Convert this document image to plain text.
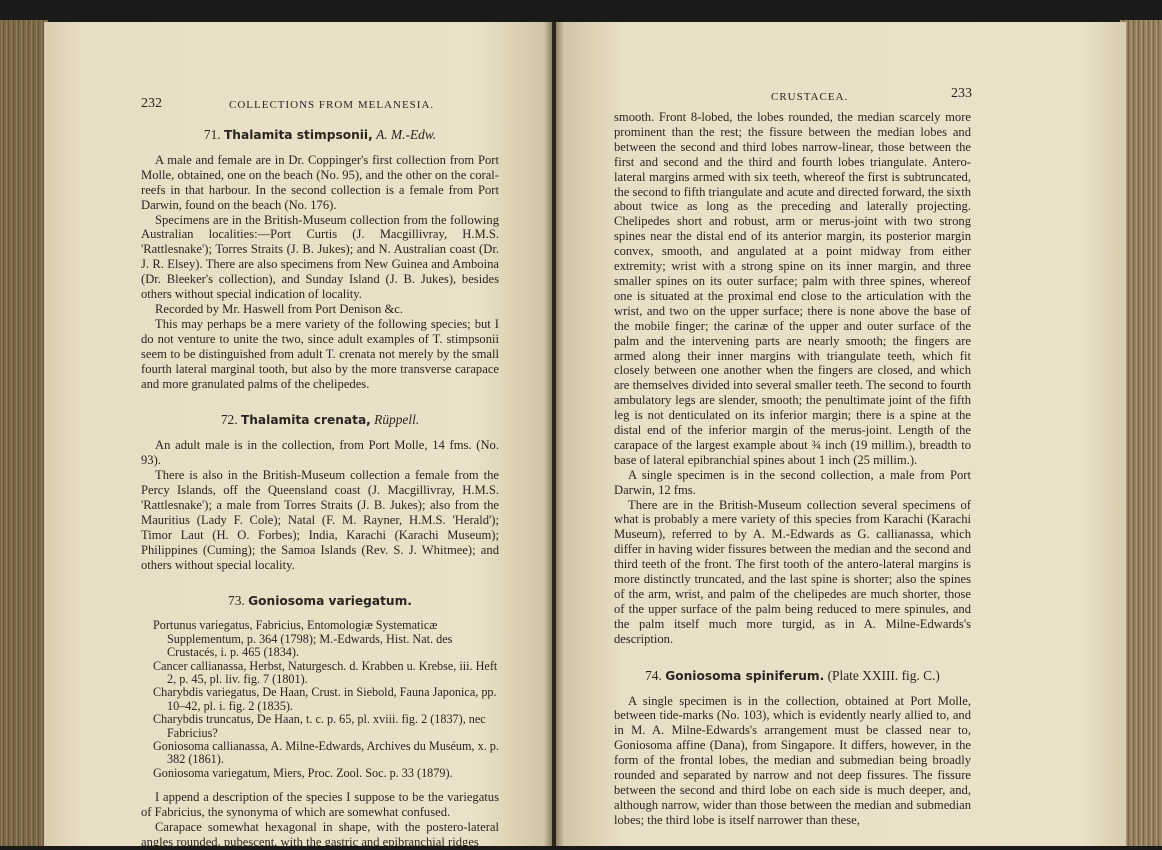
232	COLLECTIONS FROM MELANESIA.

71. Thalamita stimpsonii, A. M.-Edw.

A male and female are in Dr. Coppinger's first collection from Port Molle, obtained, one on the beach (No. 95), and the other on the coral-reefs in that harbour. In the second collection is a female from Port Darwin, found on the beach (No. 176).

Specimens are in the British-Museum collection from the following Australian localities:—Port Curtis (J. Macgillivray, H.M.S. 'Rattlesnake'); Torres Straits (J. B. Jukes); and N. Australian coast (Dr. J. R. Elsey). There are also specimens from New Guinea and Amboina (Dr. Bleeker's collection), and Sunday Island (J. B. Jukes), besides others without special indication of locality.

Recorded by Mr. Haswell from Port Denison &c.

This may perhaps be a mere variety of the following species; but I do not venture to unite the two, since adult examples of T. stimpsonii seem to be distinguished from adult T. crenata not merely by the small fourth lateral marginal tooth, but also by the more transverse carapace and more granulated palms of the chelipedes.

72. Thalamita crenata, Rüppell.

An adult male is in the collection, from Port Molle, 14 fms. (No. 93).

There is also in the British-Museum collection a female from the Percy Islands, off the Queensland coast (J. Macgillivray, H.M.S. 'Rattlesnake'); a male from Torres Straits (J. B. Jukes); also from the Mauritius (Lady F. Cole); Natal (F. M. Rayner, H.M.S. 'Herald'); Timor Laut (H. O. Forbes); India, Karachi (Karachi Museum); Philippines (Cuming); the Samoa Islands (Rev. S. J. Whitmee); and others without special locality.

73. Goniosoma variegatum.

Portunus variegatus, Fabricius, Entomologiæ Systematicæ Supplementum, p. 364 (1798); M.-Edwards, Hist. Nat. des Crustacés, i. p. 465 (1834).

Cancer callianassa, Herbst, Naturgesch. d. Krabben u. Krebse, iii. Heft 2, p. 45, pl. liv. fig. 7 (1801).

Charybdis variegatus, De Haan, Crust. in Siebold, Fauna Japonica, pp. 10–42, pl. i. fig. 2 (1835).

Charybdis truncatus, De Haan, t. c. p. 65, pl. xviii. fig. 2 (1837), nec Fabricius?

Goniosoma callianassa, A. Milne-Edwards, Archives du Muséum, x. p. 382 (1861).

Goniosoma variegatum, Miers, Proc. Zool. Soc. p. 33 (1879).

I append a description of the species I suppose to be the variegatus of Fabricius, the synonyma of which are somewhat confused.

Carapace somewhat hexagonal in shape, with the postero-lateral angles rounded, pubescent, with the gastric and epibranchial ridges

CRUSTACEA.	233

smooth. Front 8-lobed, the lobes rounded, the median scarcely more prominent than the rest; the fissure between the median lobes and between the second and third lobes narrow-linear, those between the first and second and the third and fourth lobes triangulate. Antero-lateral margins armed with six teeth, whereof the first is subtruncated, the second to fifth triangulate and acute and directed forward, the sixth about twice as long as the preceding and laterally projecting. Chelipedes short and robust, arm or merus-joint with two strong spines near the distal end of its anterior margin, its posterior margin convex, smooth, and angulated at a point midway from either extremity; wrist with a strong spine on its inner margin, and three smaller spines on its outer surface; palm with three spines, whereof one is situated at the proximal end close to the articulation with the wrist, and two on the upper surface; there is none above the base of the mobile finger; the carinæ of the upper and outer surface of the palm and the intervening parts are nearly smooth; the fingers are armed along their inner margins with triangulate teeth, which fit closely between one another when the fingers are closed, and which are themselves divided into several smaller teeth. The second to fourth ambulatory legs are slender, smooth; the penultimate joint of the fifth leg is not denticulated on its inferior margin; there is a spine at the distal end of the inferior margin of the merus-joint. Length of the carapace of the largest example about ¾ inch (19 millim.), breadth to base of lateral epibranchial spines about 1 inch (25 millim.).

A single specimen is in the second collection, a male from Port Darwin, 12 fms.

There are in the British-Museum collection several specimens of what is probably a mere variety of this species from Karachi (Karachi Museum), referred to by A. M.-Edwards as G. callianassa, which differ in having wider fissures between the median and the second and third teeth of the front. The first tooth of the antero-lateral margins is more distinctly truncated, and the last spine is shorter; also the spines of the arm, wrist, and palm of the chelipedes are much shorter, those of the upper surface of the palm being reduced to mere spinules, and the palm itself much more turgid, as in A. Milne-Edwards's description.

74. Goniosoma spiniferum. (Plate XXIII. fig. C.)

A single specimen is in the collection, obtained at Port Molle, between tide-marks (No. 103), which is evidently nearly allied to, and in M. A. Milne-Edwards's arrangement must be classed near to, Goniosoma affine (Dana), from Singapore. It differs, however, in the form of the frontal lobes, the median and submedian being broadly rounded and separated by narrow and not deep fissures. The fissure between the second and third lobe on each side is much deeper, and, although narrow, wider than those between the median and submedian lobes; the third lobe is itself narrower than these,
